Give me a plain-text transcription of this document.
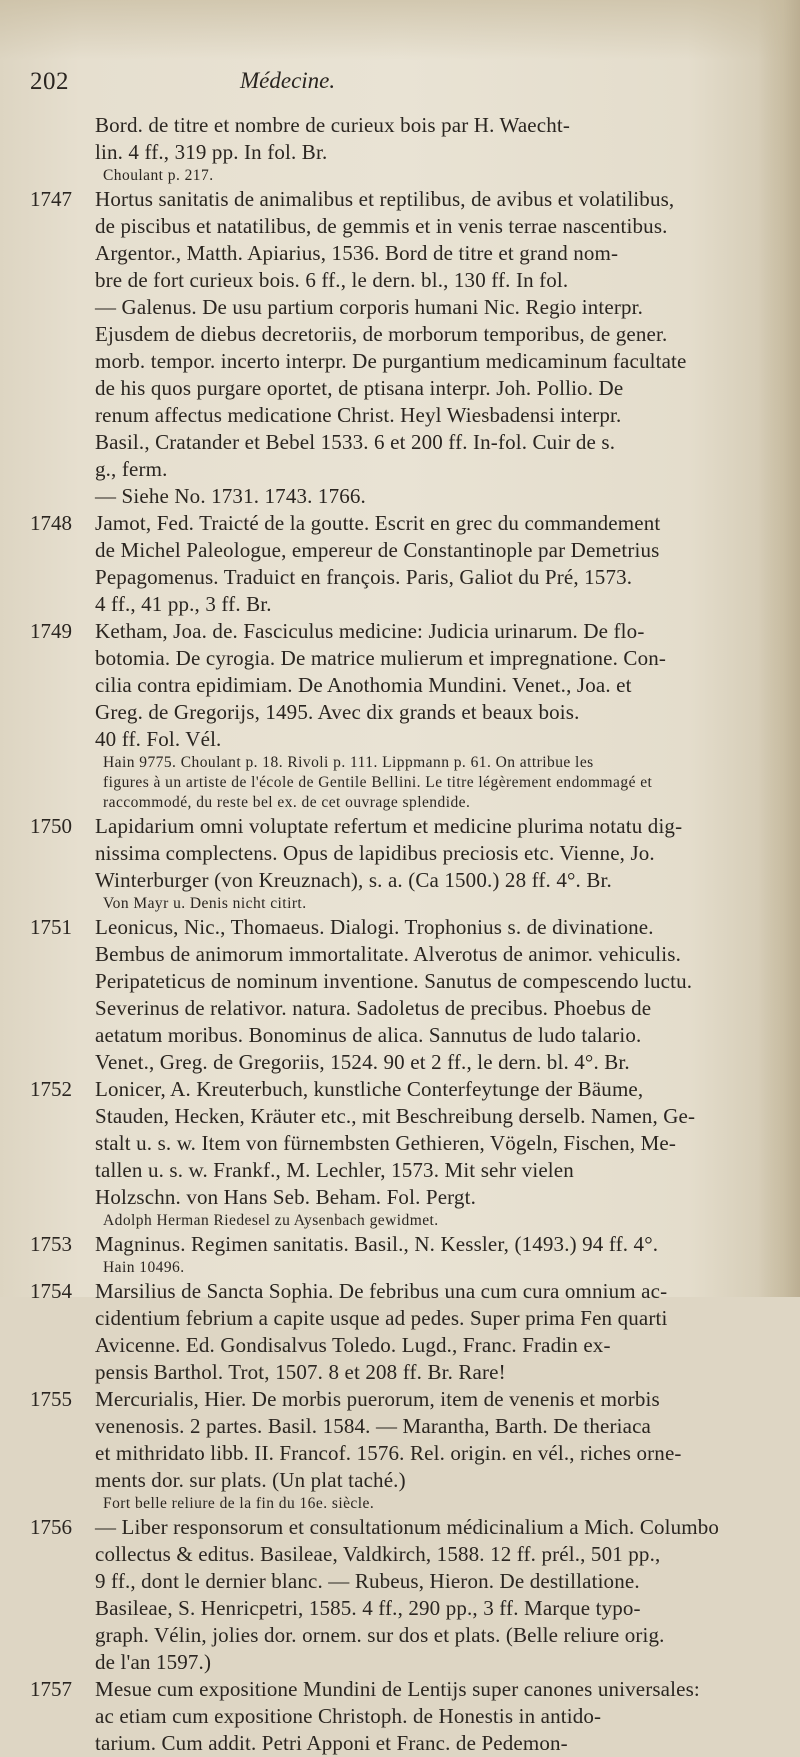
202	Médecine.
Bord. de titre et nombre de curieux bois par H. Waecht-
lin. 4 ff., 319 pp. In fol. Br.
Choulant p. 217.
1747	Hortus sanitatis de animalibus et reptilibus, de avibus et volatilibus,
de piscibus et natatilibus, de gemmis et in venis terrae nascentibus.
Argentor., Matth. Apiarius, 1536. Bord de titre et grand nom-
bre de fort curieux bois. 6 ff., le dern. bl., 130 ff. In fol.
— Galenus. De usu partium corporis humani Nic. Regio interpr.
Ejusdem de diebus decretoriis, de morborum temporibus, de gener.
morb. tempor. incerto interpr. De purgantium medicaminum facultate
de his quos purgare oportet, de ptisana interpr. Joh. Pollio. De
renum affectus medicatione Christ. Heyl Wiesbadensi interpr.
Basil., Cratander et Bebel 1533. 6 et 200 ff. In-fol. Cuir de s.
g., ferm.
— Siehe No. 1731. 1743. 1766.
1748	Jamot, Fed. Traicté de la goutte. Escrit en grec du commandement
de Michel Paleologue, empereur de Constantinople par Demetrius
Pepagomenus. Traduict en françois. Paris, Galiot du Pré, 1573.
4 ff., 41 pp., 3 ff. Br.
1749	Ketham, Joa. de. Fasciculus medicine: Judicia urinarum. De flo-
botomia. De cyrogia. De matrice mulierum et impregnatione. Con-
cilia contra epidimiam. De Anothomia Mundini. Venet., Joa. et
Greg. de Gregorijs, 1495. Avec dix grands et beaux bois.
40 ff. Fol. Vél.
Hain 9775. Choulant p. 18. Rivoli p. 111. Lippmann p. 61. On attribue les
figures à un artiste de l'école de Gentile Bellini. Le titre légèrement endommagé et
raccommodé, du reste bel ex. de cet ouvrage splendide.
1750	Lapidarium omni voluptate refertum et medicine plurima notatu dig-
nissima complectens. Opus de lapidibus preciosis etc. Vienne, Jo.
Winterburger (von Kreuznach), s. a. (Ca 1500.) 28 ff. 4°. Br.
Von Mayr u. Denis nicht citirt.
1751	Leonicus, Nic., Thomaeus. Dialogi. Trophonius s. de divinatione.
Bembus de animorum immortalitate. Alverotus de animor. vehiculis.
Peripateticus de nominum inventione. Sanutus de compescendo luctu.
Severinus de relativor. natura. Sadoletus de precibus. Phoebus de
aetatum moribus. Bonominus de alica. Sannutus de ludo talario.
Venet., Greg. de Gregoriis, 1524. 90 et 2 ff., le dern. bl. 4°. Br.
1752	Lonicer, A. Kreuterbuch, kunstliche Conterfeytunge der Bäume,
Stauden, Hecken, Kräuter etc., mit Beschreibung derselb. Namen, Ge-
stalt u. s. w. Item von fürnembsten Gethieren, Vögeln, Fischen, Me-
tallen u. s. w. Frankf., M. Lechler, 1573. Mit sehr vielen
Holzschn. von Hans Seb. Beham. Fol. Pergt.
Adolph Herman Riedesel zu Aysenbach gewidmet.
1753	Magninus. Regimen sanitatis. Basil., N. Kessler, (1493.) 94 ff. 4°.
Hain 10496.
1754	Marsilius de Sancta Sophia. De febribus una cum cura omnium ac-
cidentium febrium a capite usque ad pedes. Super prima Fen quarti
Avicenne. Ed. Gondisalvus Toledo. Lugd., Franc. Fradin ex-
pensis Barthol. Trot, 1507. 8 et 208 ff. Br. Rare!
1755	Mercurialis, Hier. De morbis puerorum, item de venenis et morbis
venenosis. 2 partes. Basil. 1584. — Marantha, Barth. De theriaca
et mithridato libb. II. Francof. 1576. Rel. origin. en vél., riches orne-
ments dor. sur plats. (Un plat taché.)
Fort belle reliure de la fin du 16e. siècle.
1756	— Liber responsorum et consultationum médicinalium a Mich. Columbo
collectus & editus. Basileae, Valdkirch, 1588. 12 ff. prél., 501 pp.,
9 ff., dont le dernier blanc. — Rubeus, Hieron. De destillatione.
Basileae, S. Henricpetri, 1585. 4 ff., 290 pp., 3 ff. Marque typo-
graph. Vélin, jolies dor. ornem. sur dos et plats. (Belle reliure orig.
de l'an 1597.)
1757	Mesue cum expositione Mundini de Lentijs super canones universales:
ac etiam cum expositione Christoph. de Honestis in antido-
tarium. Cum addit. Petri Apponi et Franc. de Pedemon-
